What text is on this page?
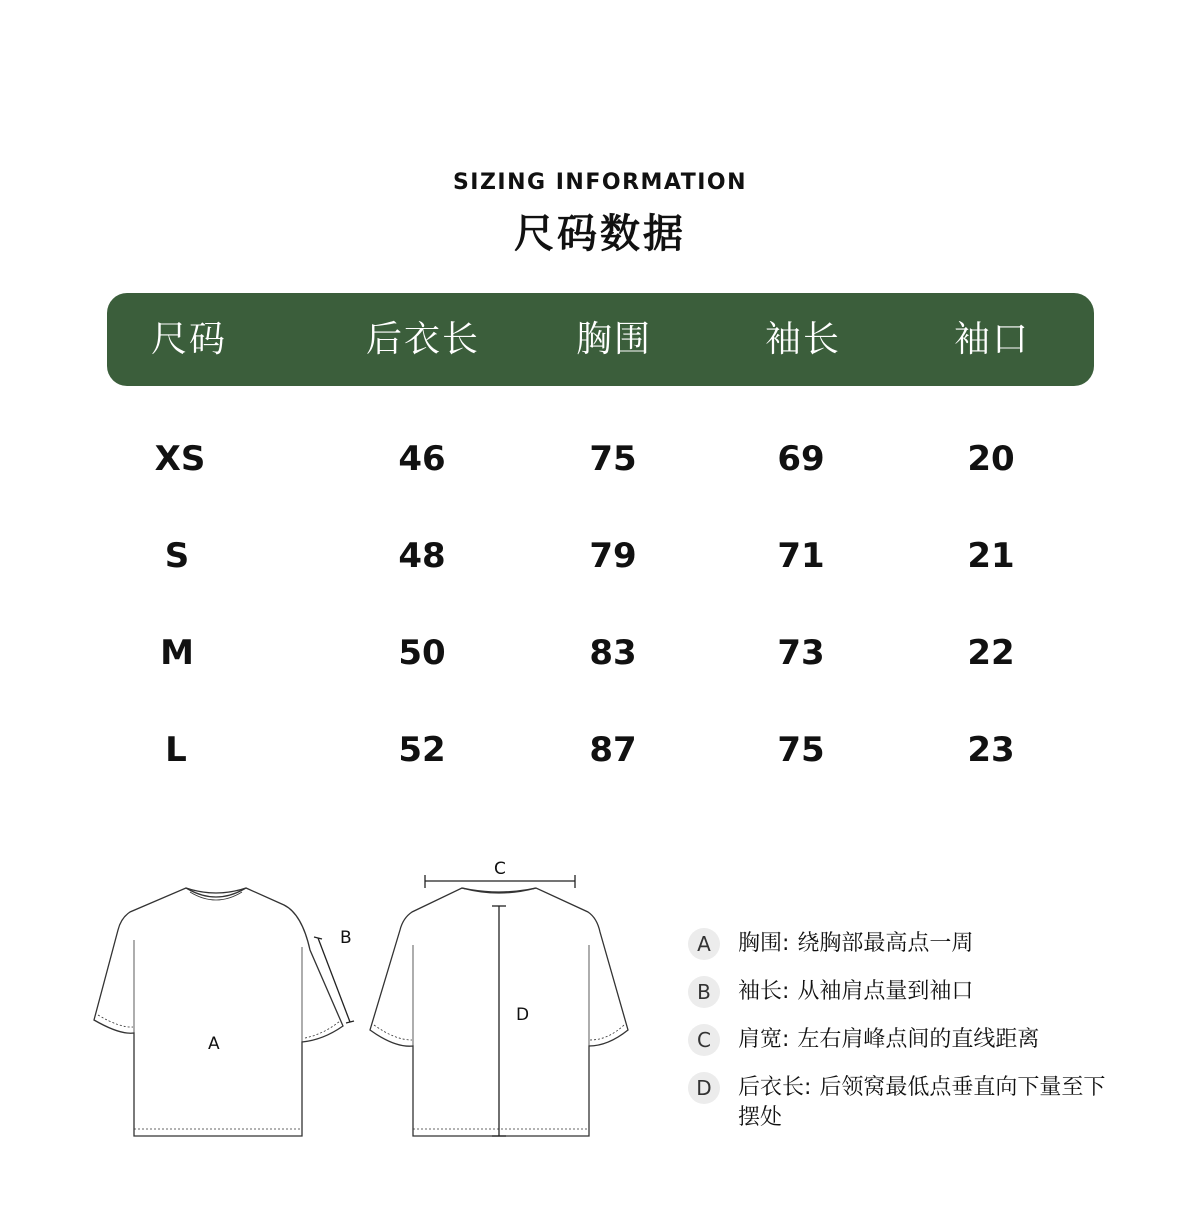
SIZING INFORMATION
尺码数据
尺码	后衣长	胸围	袖长	袖口
XS	46	75	69	20
S	48	79	71	21
M	50	83	73	22
L	52	87	75	23
B
A
C
D
A	胸围: 绕胸部最高点一周
B	袖长: 从袖肩点量到袖口
C	肩宽: 左右肩峰点间的直线距离
D	后衣长: 后领窝最低点垂直向下量至下摆处
